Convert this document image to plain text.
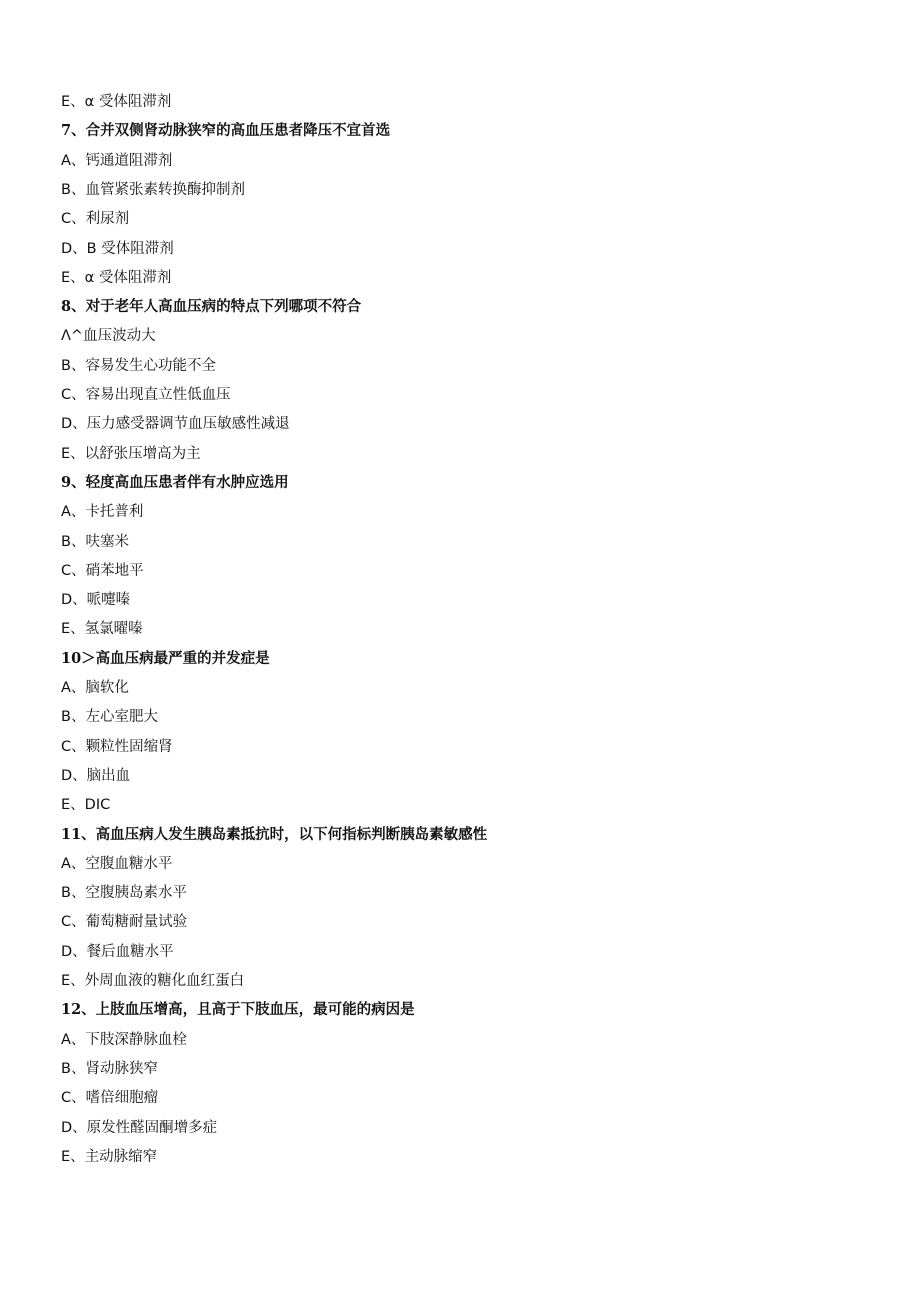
E、α 受体阻滞剂
7、合并双侧肾动脉狭窄的高血压患者降压不宜首选
A、钙通道阻滞剂
B、血管紧张素转换酶抑制剂
C、利尿剂
D、B 受体阻滞剂
E、α 受体阻滞剂
8、对于老年人高血压病的特点下列哪项不符合
Λ^血压波动大
B、容易发生心功能不全
C、容易出现直立性低血压
D、压力感受器调节血压敏感性减退
E、以舒张压增高为主
9、轻度高血压患者伴有水肿应选用
A、卡托普利
B、呋塞米
C、硝苯地平
D、哌嚏嗪
E、氢氯曜嗪
10＞高血压病最严重的并发症是
A、脑软化
B、左心室肥大
C、颗粒性固缩肾
D、脑出血
E、DIC
11、高血压病人发生胰岛素抵抗时，以下何指标判断胰岛素敏感性
A、空腹血糖水平
B、空腹胰岛素水平
C、葡萄糖耐量试验
D、餐后血糖水平
E、外周血液的糖化血红蛋白
12、上肢血压增高，且高于下肢血压，最可能的病因是
A、下肢深静脉血栓
B、肾动脉狭窄
C、嗜倍细胞瘤
D、原发性醛固酮增多症
E、主动脉缩窄
